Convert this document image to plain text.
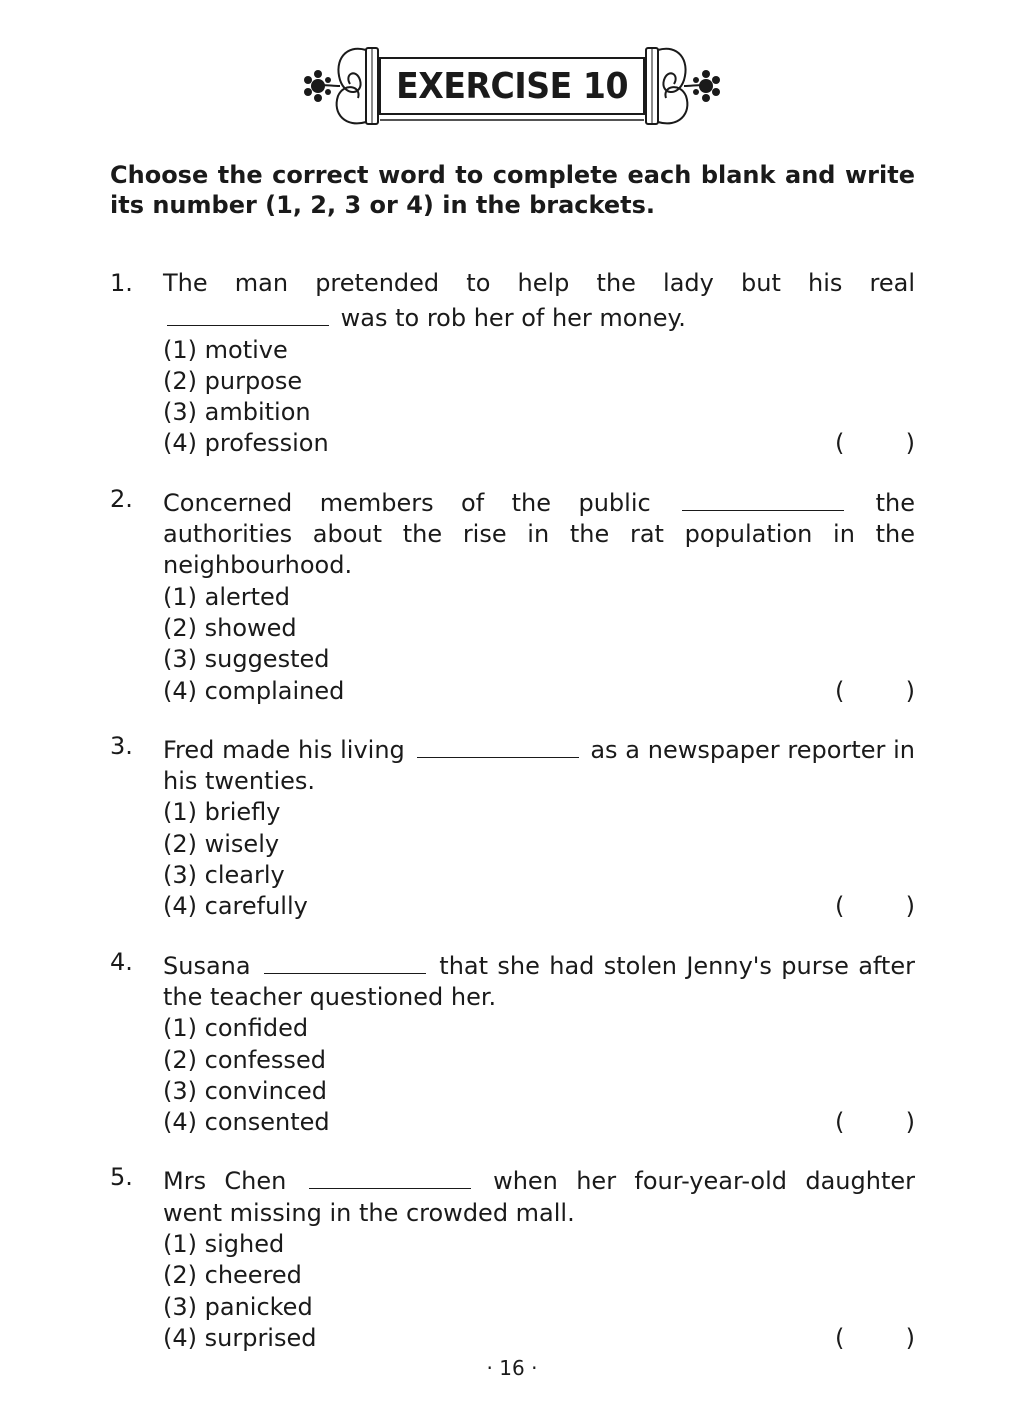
EXERCISE 10
Choose the correct word to complete each blank and write its number (1, 2, 3 or 4) in the brackets.
1. The man pretended to help the lady but his real  was to rob her of her money.
(1) motive
(2) purpose
(3) ambition
(4) profession	(	)
2. Concerned members of the public	the authorities about the rise in the rat population in the neighbourhood.
(1) alerted
(2) showed
(3) suggested
(4) complained	(	)
3. Fred made his living	as a newspaper reporter in his twenties.
(1) briefly
(2) wisely
(3) clearly
(4) carefully	(	)
4. Susana	that she had stolen Jenny's purse after the teacher questioned her.
(1) confided
(2) confessed
(3) convinced
(4) consented	(	)
5. Mrs Chen	when her four-year-old daughter went missing in the crowded mall.
(1) sighed
(2) cheered
(3) panicked
(4) surprised	(	)
· 16 ·
